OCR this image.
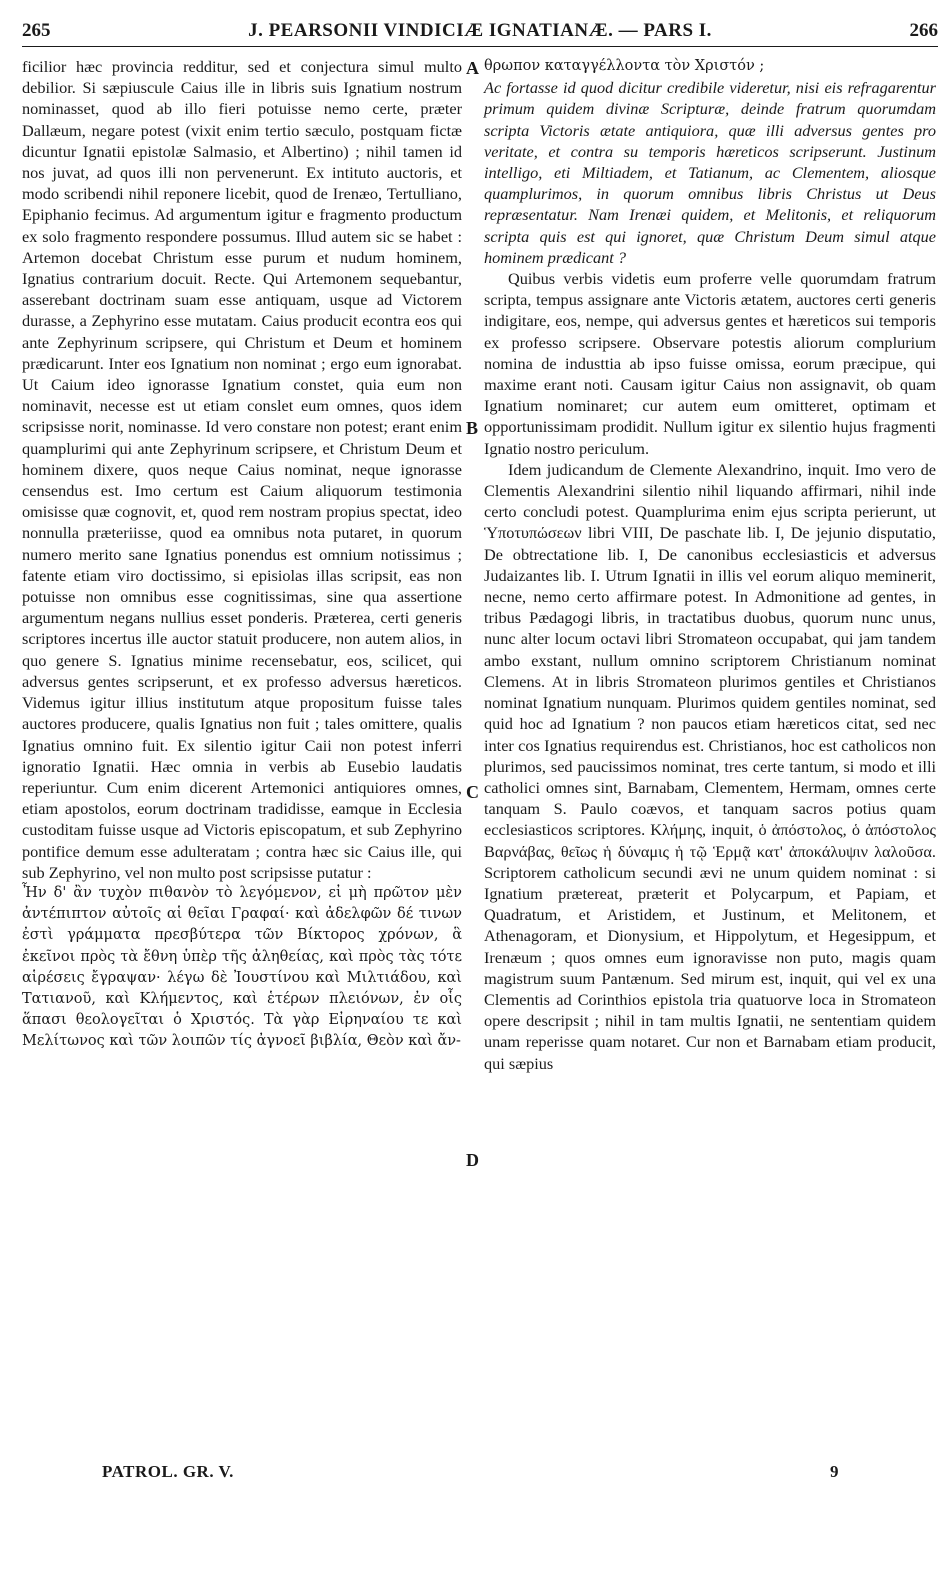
265	J. PEARSONII VINDICIÆ IGNATIANÆ. — PARS I.	266

ficilior hæc provincia redditur, sed et conjectura simul multo debilior. Si sæpiuscule Caius ille in libris suis Ignatium nostrum nominasset, quod ab illo fieri potuisse nemo certe, præter Dallæum, negare potest (vixit enim tertio sæculo, postquam fictæ dicuntur Ignatii epistolæ Salmasio, et Albertino) ; nihil tamen id nos juvat, ad quos illi non pervenerunt. Ex intituto auctoris, et modo scribendi nihil reponere licebit, quod de Irenæo, Tertulliano, Epiphanio fecimus. Ad argumentum igitur e fragmento productum ex solo fragmento respondere possumus. Illud autem sic se habet : Artemon docebat Christum esse purum et nudum hominem, Ignatius contrarium docuit. Recte. Qui Artemonem sequebantur, asserebant doctrinam suam esse antiquam, usque ad Victorem durasse, a Zephyrino esse mutatam. Caius producit econtra eos qui ante Zephyrinum scripsere, qui Christum et Deum et hominem prædicarunt. Inter eos Ignatium non nominat ; ergo eum ignorabat. Ut Caium ideo ignorasse Ignatium constet, quia eum non nominavit, necesse est ut etiam conslet eum omnes, quos idem scripsisse norit, nominasse. Id vero constare non potest; erant enim quamplurimi qui ante Zephyrinum scripsere, et Christum Deum et hominem dixere, quos neque Caius nominat, neque ignorasse censendus est. Imo certum est Caium aliquorum testimonia omisisse quæ cognovit, et, quod rem nostram propius spectat, ideo nonnulla præteriisse, quod ea omnibus nota putaret, in quorum numero merito sane Ignatius ponendus est omnium notissimus ; fatente etiam viro doctissimo, si episiolas illas scripsit, eas non potuisse non omnibus esse cognitissimas, sine qua assertione argumentum negans nullius esset ponderis. Præterea, certi generis scriptores incertus ille auctor statuit producere, non autem alios, in quo genere S. Ignatius minime recensebatur, eos, scilicet, qui adversus gentes scripserunt, et ex professo adversus hæreticos. Videmus igitur illius institutum atque propositum fuisse tales auctores producere, qualis Ignatius non fuit ; tales omittere, qualis Ignatius omnino fuit. Ex silentio igitur Caii non potest inferri ignoratio Ignatii. Hæc omnia in verbis ab Eusebio laudatis reperiuntur. Cum enim dicerent Artemonici antiquiores omnes, etiam apostolos, eorum doctrinam tradidisse, eamque in Ecclesia custoditam fuisse usque ad Victoris episcopatum, et sub Zephyrino pontifice demum esse adulteratam ; contra hæc sic Caius ille, qui sub Zephyrino, vel non multo post scripsisse putatur :

Ἦν δ' ἂν τυχὸν πιθανὸν τὸ λεγόμενον, εἰ μὴ πρῶτον μὲν ἀντέπιπτον αὐτοῖς αἱ θεῖαι Γραφαί· καὶ ἀδελφῶν δέ τινων ἐστὶ γράμματα πρεσβύτερα τῶν Βίκτορος χρόνων, ἃ ἐκεῖνοι πρὸς τὰ ἔθνη ὑπὲρ τῆς ἀληθείας, καὶ πρὸς τὰς τότε αἱρέσεις ἔγραψαν· λέγω δὲ Ἰουστίνου καὶ Μιλτιάδου, καὶ Τατιανοῦ, καὶ Κλήμεντος, καὶ ἑτέρων πλειόνων, ἐν οἷς ἅπασι θεολογεῖται ὁ Χριστός. Τὰ γὰρ Εἰρηναίου τε καὶ Μελίτωνος καὶ τῶν λοιπῶν τίς ἀγνοεῖ βιβλία, Θεὸν καὶ ἄν-

A
B
C
D

θρωπον καταγγέλλοντα τὸν Χριστόν ;

Ac fortasse id quod dicitur credibile videretur, nisi eis refragarentur primum quidem divinæ Scripturæ, deinde fratrum quorumdam scripta Victoris ætate antiquiora, quæ illi adversus gentes pro veritate, et contra su temporis hæreticos scripserunt. Justinum intelligo, eti Miltiadem, et Tatianum, ac Clementem, aliosque quamplurimos, in quorum omnibus libris Christus ut Deus repræsentatur. Nam Irenæi quidem, et Melitonis, et reliquorum scripta quis est qui ignoret, quæ Christum Deum simul atque hominem prædicant ?

Quibus verbis videtis eum proferre velle quorumdam fratrum scripta, tempus assignare ante Victoris ætatem, auctores certi generis indigitare, eos, nempe, qui adversus gentes et hæreticos sui temporis ex professo scripsere. Observare potestis aliorum complurium nomina de industtia ab ipso fuisse omissa, eorum præcipue, qui maxime erant noti. Causam igitur Caius non assignavit, ob quam Ignatium nominaret; cur autem eum omitteret, optimam et opportunissimam prodidit. Nullum igitur ex silentio hujus fragmenti Ignatio nostro periculum.

Idem judicandum de Clemente Alexandrino, inquit. Imo vero de Clementis Alexandrini silentio nihil liquando affirmari, nihil inde certo concludi potest. Quamplurima enim ejus scripta perierunt, ut Ὑποτυπώσεων libri VIII, De paschate lib. I, De jejunio disputatio, De obtrectatione lib. I, De canonibus ecclesiasticis et adversus Judaizantes lib. I. Utrum Ignatii in illis vel eorum aliquo meminerit, necne, nemo certo affirmare potest. In Admonitione ad gentes, in tribus Pædagogi libris, in tractatibus duobus, quorum nunc unus, nunc alter locum octavi libri Stromateon occupabat, qui jam tandem ambo exstant, nullum omnino scriptorem Christianum nominat Clemens. At in libris Stromateon plurimos gentiles et Christianos nominat Ignatium nunquam. Plurimos quidem gentiles nominat, sed quid hoc ad Ignatium ? non paucos etiam hæreticos citat, sed nec inter cos Ignatius requirendus est. Christianos, hoc est catholicos non plurimos, sed paucissimos nominat, tres certe tantum, si modo et illi catholici omnes sint, Barnabam, Clementem, Hermam, omnes certe tanquam S. Paulo coævos, et tanquam sacros potius quam ecclesiasticos scriptores. Κλήμης, inquit, ὁ ἀπόστολος, ὁ ἀπόστολος Βαρνάβας, θεῖως ἡ δύναμις ἡ τῷ Ἑρμᾷ κατ' ἀποκάλυψιν λαλοῦσα. Scriptorem catholicum secundi ævi ne unum quidem nominat : si Ignatium prætereat, præterit et Polycarpum, et Papiam, et Quadratum, et Aristidem, et Justinum, et Melitonem, et Athenagoram, et Dionysium, et Hippolytum, et Hegesippum, et Irenæum ; quos omnes eum ignoravisse non puto, magis quam magistrum suum Pantænum. Sed mirum est, inquit, qui vel ex una Clementis ad Corinthios epistola tria quatuorve loca in Stromateon opere descripsit ; nihil in tam multis Ignatii, ne sententiam quidem unam reperisse quam notaret. Cur non et Barnabam etiam producit, qui sæpius

PATROL. GR. V.	9
